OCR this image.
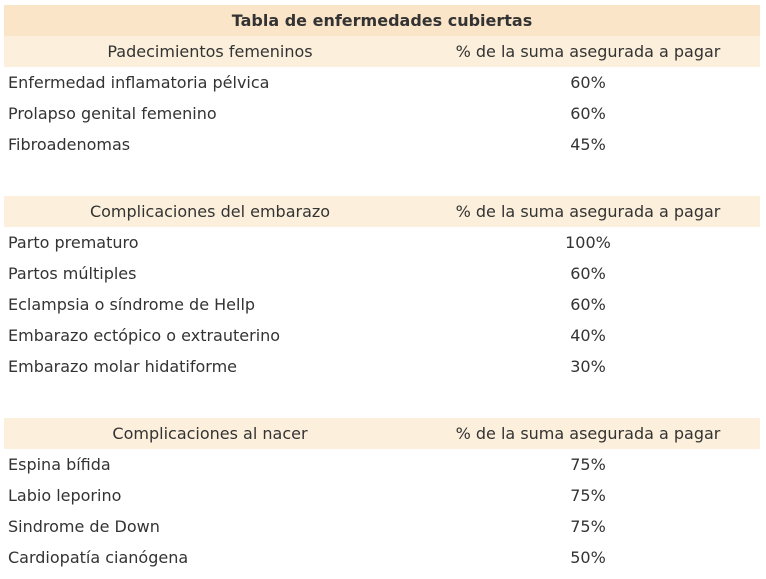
Tabla de enfermedades cubiertas
Padecimientos femeninos	% de la suma asegurada a pagar
Enfermedad inflamatoria pélvica	60%
Prolapso genital femenino	60%
Fibroadenomas	45%
Complicaciones del embarazo	% de la suma asegurada a pagar
Parto prematuro	100%
Partos múltiples	60%
Eclampsia o síndrome de Hellp	60%
Embarazo ectópico o extrauterino	40%
Embarazo molar hidatiforme	30%
Complicaciones al nacer	% de la suma asegurada a pagar
Espina bífida	75%
Labio leporino	75%
Sindrome de Down	75%
Cardiopatía cianógena	50%
